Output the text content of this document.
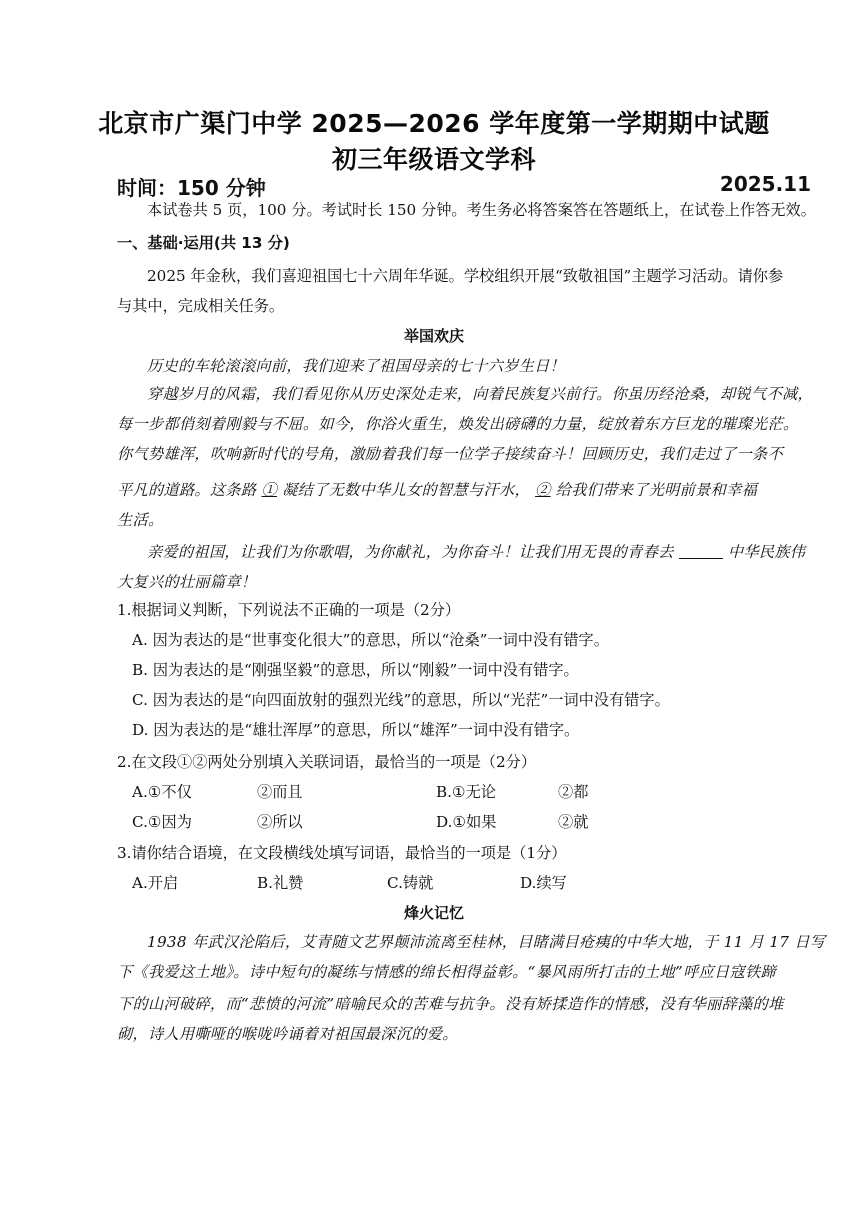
北京市广渠门中学 2025—2026 学年度第一学期期中试题
初三年级语文学科
时间：150 分钟	2025.11
本试卷共 5 页，100 分。考试时长 150 分钟。考生务必将答案答在答题纸上，在试卷上作答无效。
一、基础·运用(共 13 分)
2025 年金秋，我们喜迎祖国七十六周年华诞。学校组织开展“致敬祖国”主题学习活动。请你参
与其中，完成相关任务。
举国欢庆
历史的车轮滚滚向前，我们迎来了祖国母亲的七十六岁生日！
穿越岁月的风霜，我们看见你从历史深处走来，向着民族复兴前行。你虽历经沧桑，却锐气不减，
每一步都俏刻着刚毅与不屈。如今，你浴火重生，焕发出磅礴的力量，绽放着东方巨龙的璀璨光茫。
你气势雄浑，吹响新时代的号角，激励着我们每一位学子接续奋斗！回顾历史，我们走过了一条不
平凡的道路。这条路 ① 凝结了无数中华儿女的智慧与汗水， ② 给我们带来了光明前景和幸福
生活。
亲爱的祖国，让我们为你歌唱，为你献礼，为你奋斗！让我们用无畏的青春去	中华民族伟
大复兴的壮丽篇章！
1.根据词义判断，下列说法不正确的一项是（2分）
A. 因为表达的是“世事变化很大”的意思，所以“沧桑”一词中没有错字。
B. 因为表达的是“刚强坚毅”的意思，所以“刚毅”一词中没有错字。
C. 因为表达的是“向四面放射的强烈光线”的意思，所以“光茫”一词中没有错字。
D. 因为表达的是“雄壮浑厚”的意思，所以“雄浑”一词中没有错字。
2.在文段①②两处分别填入关联词语，最恰当的一项是（2分）
A.①不仅	②而且	B.①无论	②都
C.①因为	②所以	D.①如果	②就
3.请你结合语境，在文段横线处填写词语，最恰当的一项是（1分）
A.开启	B.礼赞	C.铸就	D.续写
烽火记忆
1938 年武汉沦陷后，艾青随文艺界颠沛流离至桂林，目睹满目疮痍的中华大地，于 11 月 17 日写
下《我爱这土地》。诗中短句的凝练与情感的绵长相得益彰。“暴风雨所打击的土地”呼应日寇铁蹄
下的山河破碎，而“悲愤的河流”暗喻民众的苦难与抗争。没有矫揉造作的情感，没有华丽辞藻的堆
砌，诗人用嘶哑的喉咙吟诵着对祖国最深沉的爱。
